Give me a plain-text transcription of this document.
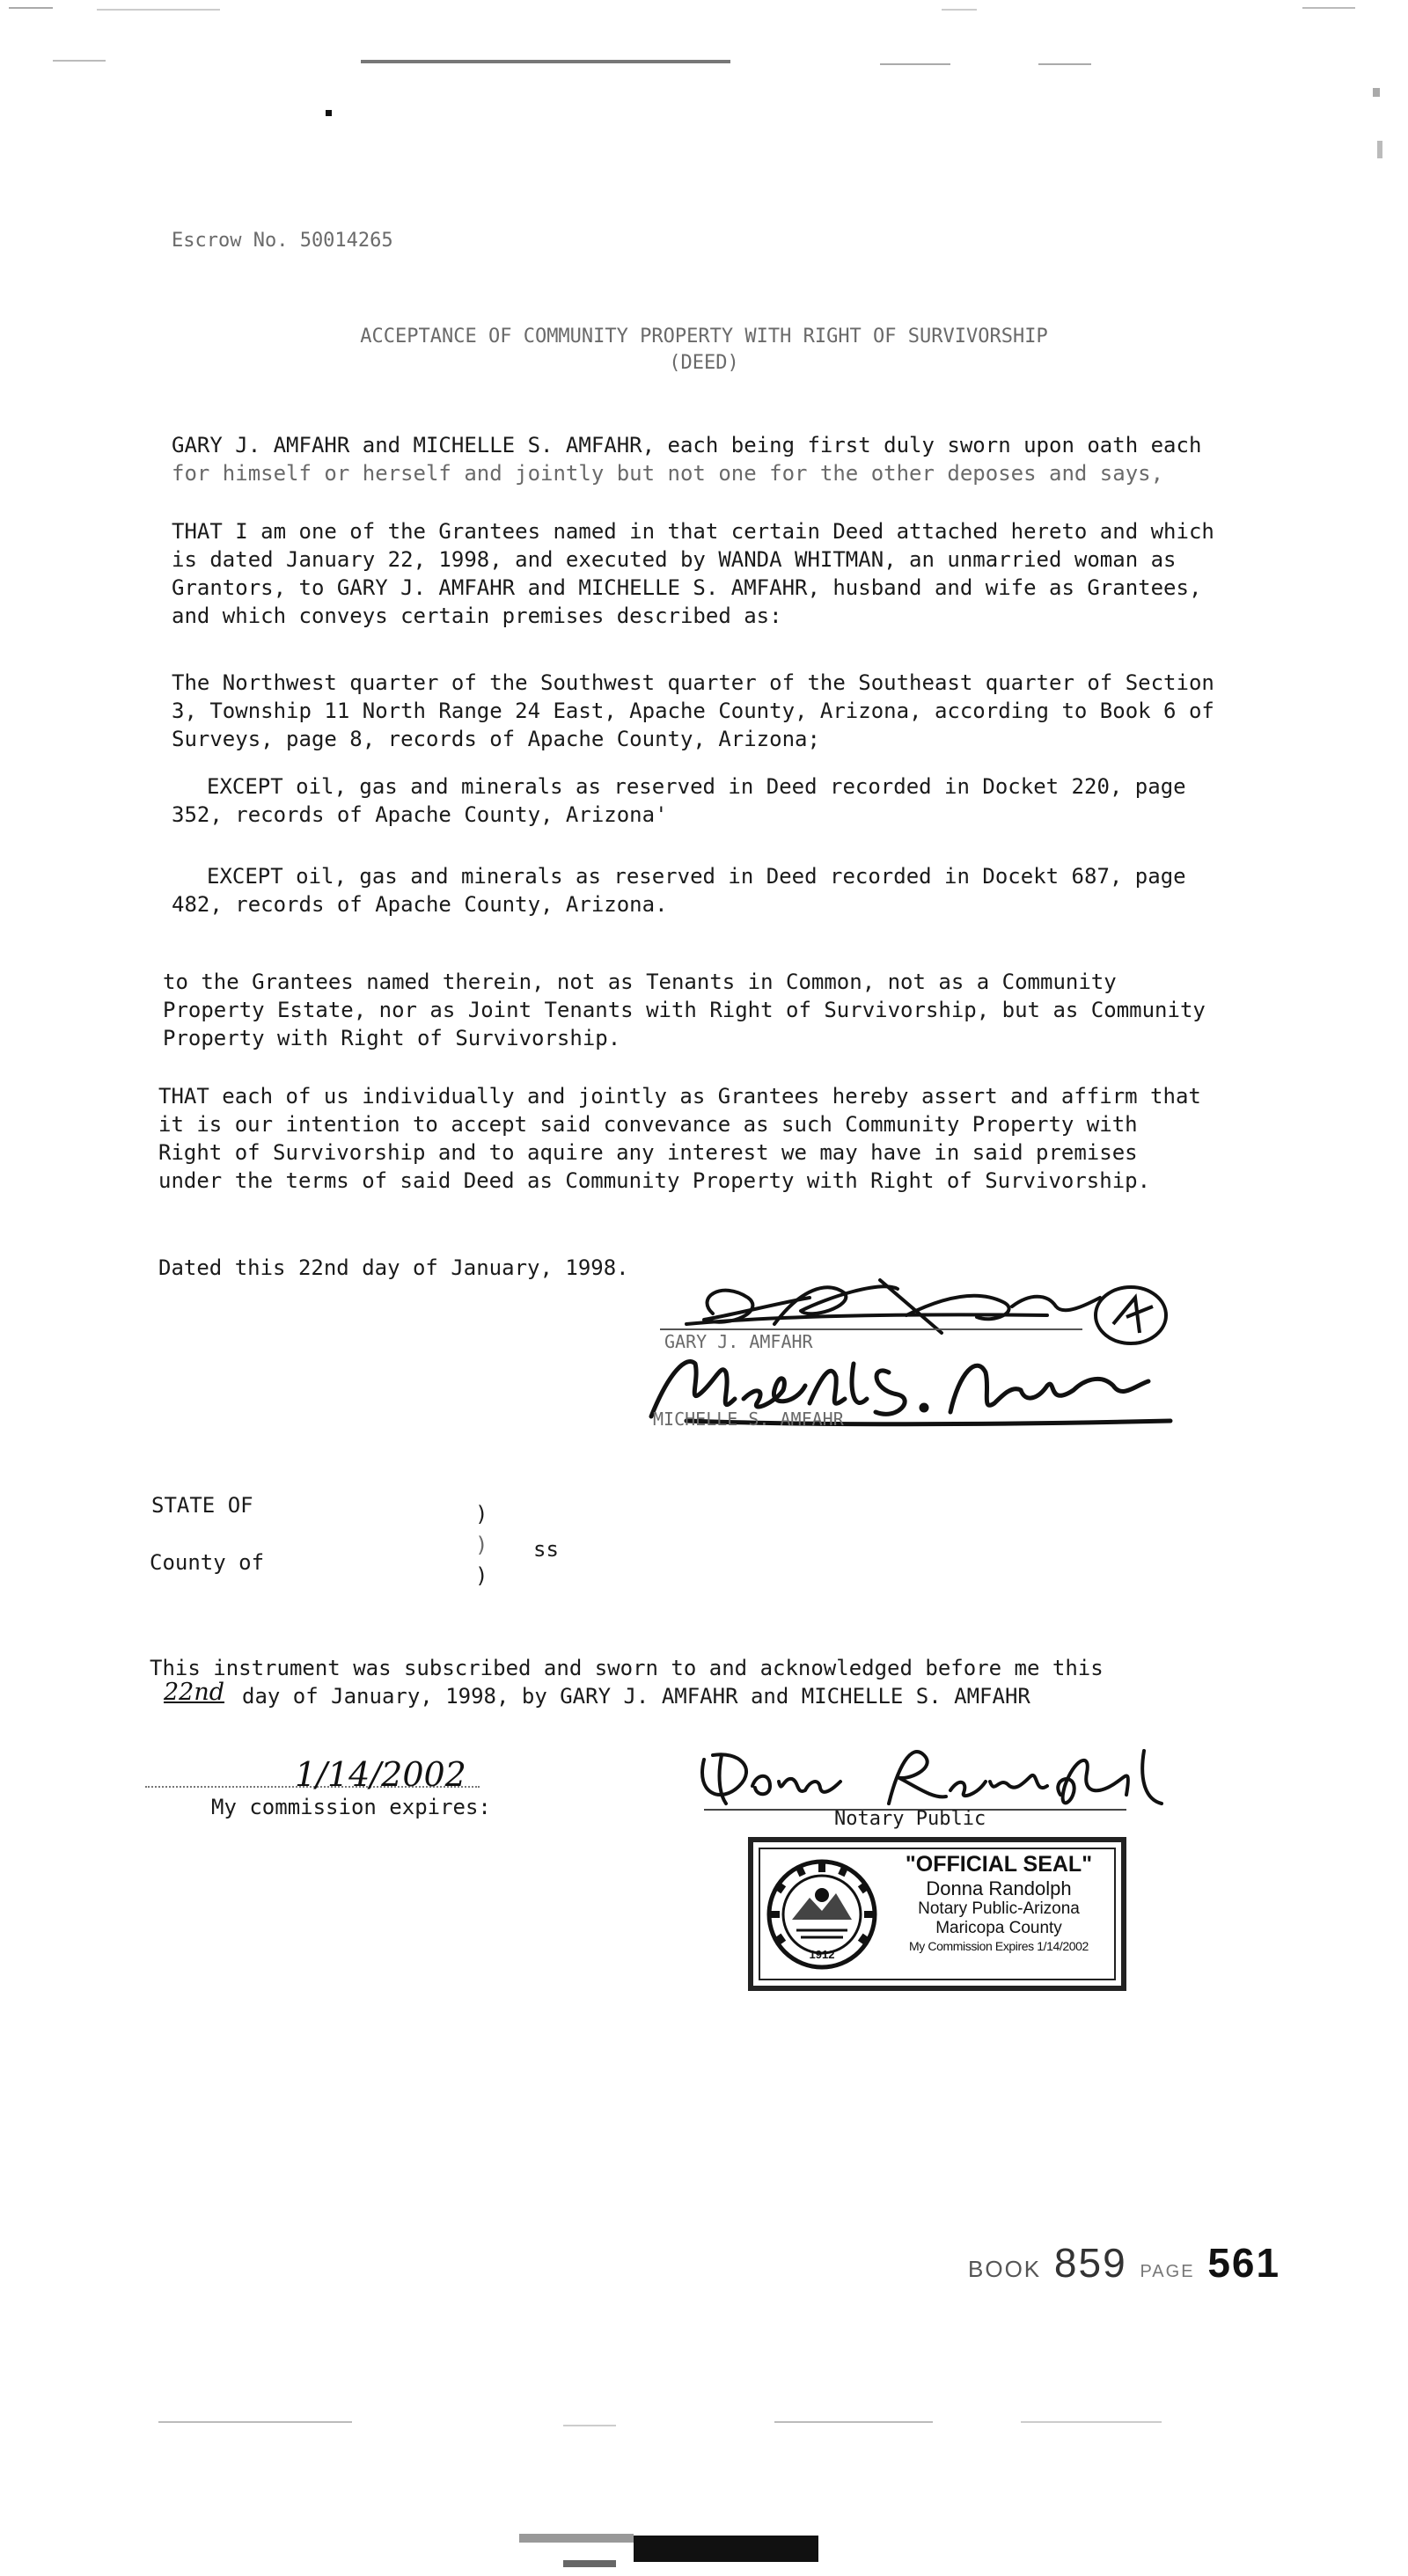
Escrow No. 50014265
ACCEPTANCE OF COMMUNITY PROPERTY WITH RIGHT OF SURVIVORSHIP
(DEED)
GARY J. AMFAHR and MICHELLE S. AMFAHR, each being first duly sworn upon oath each
for himself or herself and jointly but not one for the other deposes and says,
THAT I am one of the Grantees named in that certain Deed attached hereto and which
is dated January 22, 1998, and executed by WANDA WHITMAN, an unmarried woman as
Grantors, to GARY J. AMFAHR and MICHELLE S. AMFAHR, husband and wife as Grantees,
and which conveys certain premises described as:
The Northwest quarter of the Southwest quarter of the Southeast quarter of Section
3, Township 11 North Range 24 East, Apache County, Arizona, according to Book 6 of
Surveys, page 8, records of Apache County, Arizona;
EXCEPT oil, gas and minerals as reserved in Deed recorded in Docket 220, page
352, records of Apache County, Arizona'
EXCEPT oil, gas and minerals as reserved in Deed recorded in Docekt 687, page
482, records of Apache County, Arizona.
to the Grantees named therein, not as Tenants in Common, not as a Community
Property Estate, nor as Joint Tenants with Right of Survivorship, but as Community
Property with Right of Survivorship.
THAT each of us individually and jointly as Grantees hereby assert and affirm that
it is our intention to accept said convevance as such Community Property with
Right of Survivorship and to aquire any interest we may have in said premises
under the terms of said Deed as Community Property with Right of Survivorship.
Dated this 22nd day of January, 1998.
GARY J. AMFAHR
MICHELLE S. AMFAHR
STATE OF	)
) ss
County of
)
This instrument was subscribed and sworn to and acknowledged before me this
22nd day of January, 1998, by GARY J. AMFAHR and MICHELLE S. AMFAHR
1/14/2002
My commission expires:	Notary Public
1912
"OFFICIAL SEAL"
Donna Randolph
Notary Public-Arizona
Maricopa County
My Commission Expires 1/14/2002
BOOK 859 PAGE 561
